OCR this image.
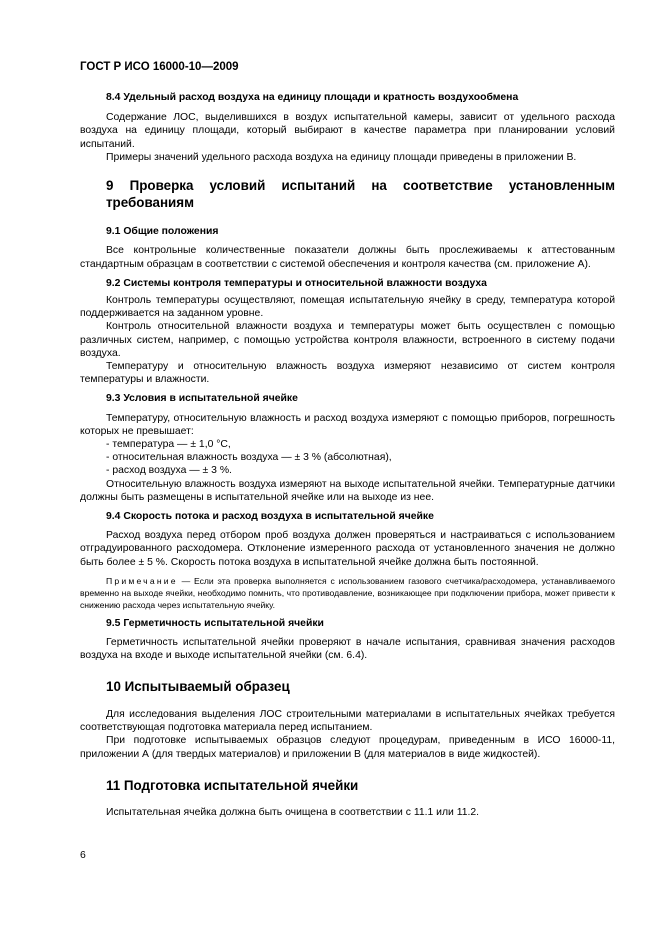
ГОСТ Р ИСО 16000-10—2009

8.4 Удельный расход воздуха на единицу площади и кратность воздухообмена

Содержание ЛОС, выделившихся в воздух испытательной камеры, зависит от удельного расхода воздуха на единицу площади, который выбирают в качестве параметра при планировании условий испытаний.

Примеры значений удельного расхода воздуха на единицу площади приведены в приложении В.

9 Проверка условий испытаний на соответствие установленным требованиям

9.1 Общие положения

Все контрольные количественные показатели должны быть прослеживаемы к аттестованным стандартным образцам в соответствии с системой обеспечения и контроля качества (см. приложение А).

9.2 Системы контроля температуры и относительной влажности воздуха

Контроль температуры осуществляют, помещая испытательную ячейку в среду, температура которой поддерживается на заданном уровне.

Контроль относительной влажности воздуха и температуры может быть осуществлен с помощью различных систем, например, с помощью устройства контроля влажности, встроенного в систему подачи воздуха.

Температуру и относительную влажность воздуха измеряют независимо от систем контроля температуры и влажности.

9.3 Условия в испытательной ячейке

Температуру, относительную влажность и расход воздуха измеряют с помощью приборов, погрешность которых не превышает:

- температура — ± 1,0 °С,

- относительная влажность воздуха — ± 3 % (абсолютная),

- расход воздуха — ± 3 %.

Относительную влажность воздуха измеряют на выходе испытательной ячейки. Температурные датчики должны быть размещены в испытательной ячейке или на выходе из нее.

9.4 Скорость потока и расход воздуха в испытательной ячейке

Расход воздуха перед отбором проб воздуха должен проверяться и настраиваться с использованием отградуированного расходомера. Отклонение измеренного расхода от установленного значения не должно быть более ± 5 %. Скорость потока воздуха в испытательной ячейке должна быть постоянной.

Примечание — Если эта проверка выполняется с использованием газового счетчика/расходомера, устанавливаемого временно на выходе ячейки, необходимо помнить, что противодавление, возникающее при подключении прибора, может привести к снижению расхода через испытательную ячейку.

9.5 Герметичность испытательной ячейки

Герметичность испытательной ячейки проверяют в начале испытания, сравнивая значения расходов воздуха на входе и выходе испытательной ячейки (см. 6.4).

10 Испытываемый образец

Для исследования выделения ЛОС строительными материалами в испытательных ячейках требуется соответствующая подготовка материала перед испытанием.

При подготовке испытываемых образцов следуют процедурам, приведенным в ИСО 16000-11, приложении А (для твердых материалов) и приложении В (для материалов в виде жидкостей).

11 Подготовка испытательной ячейки

Испытательная ячейка должна быть очищена в соответствии с 11.1 или 11.2.

6
